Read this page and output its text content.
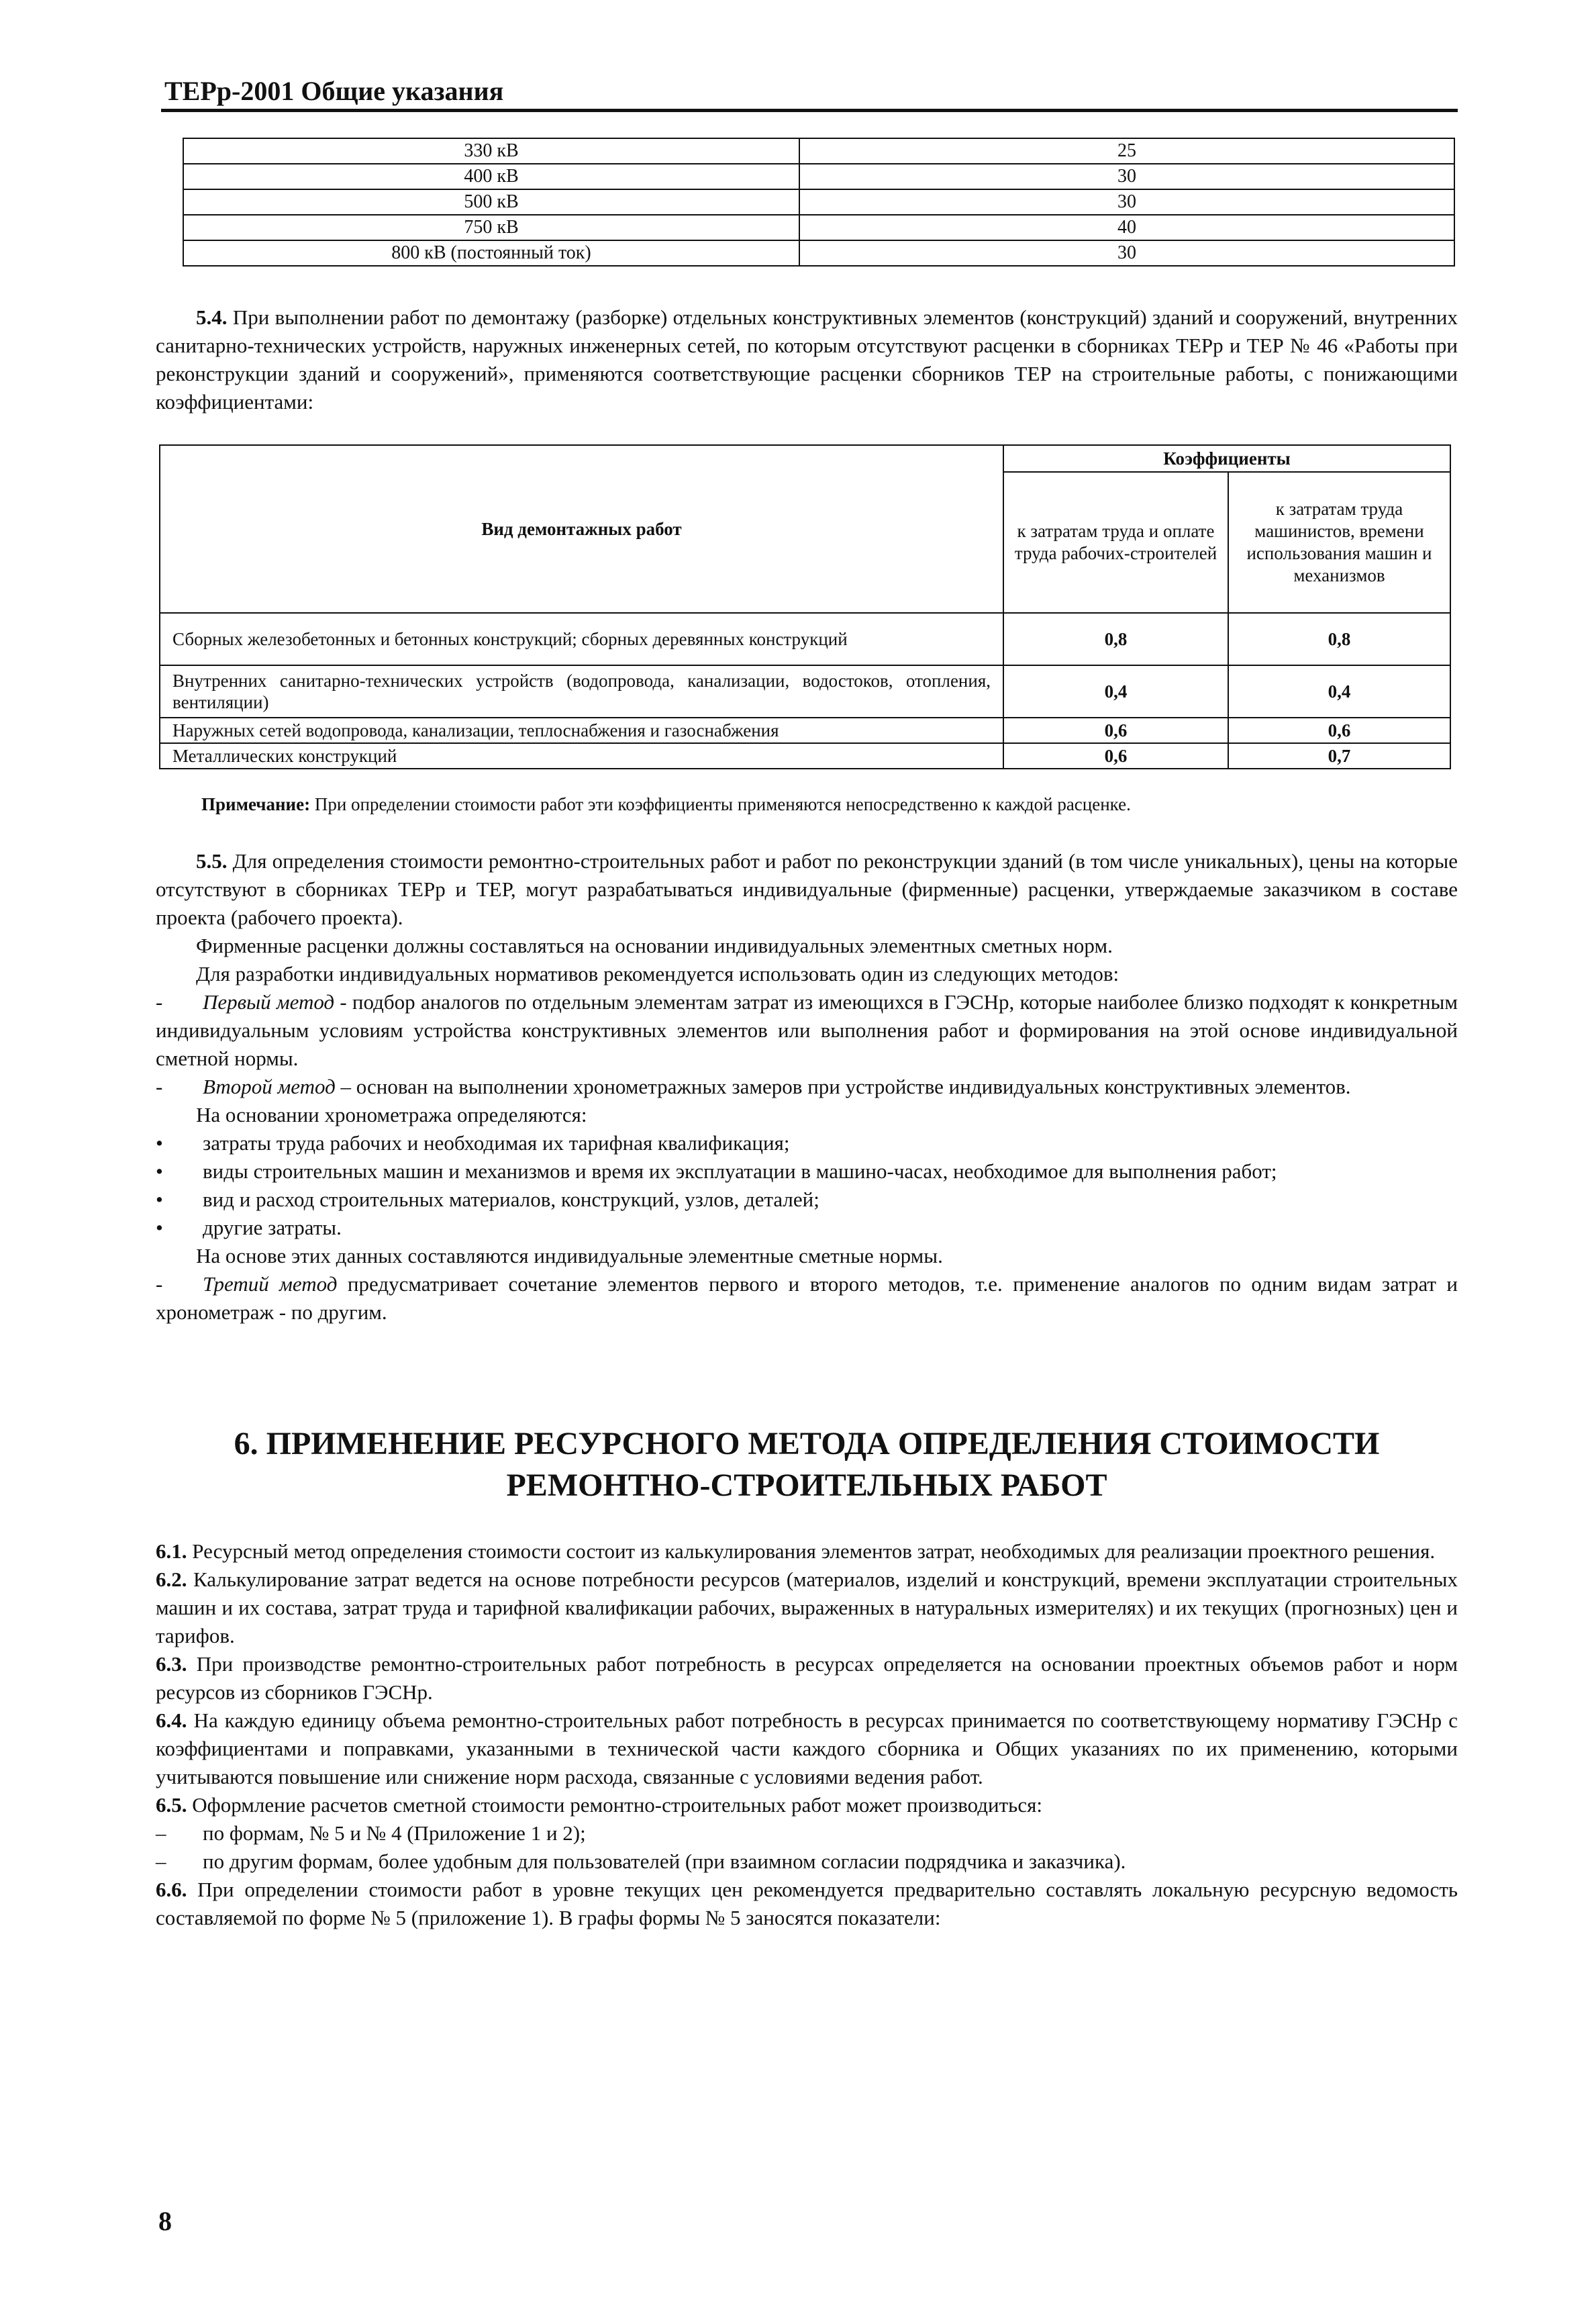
ТЕРр-2001 Общие указания
330 кВ	25
400 кВ	30
500 кВ	30
750 кВ	40
800 кВ (постоянный ток)	30
5.4. При выполнении работ по демонтажу (разборке) отдельных конструктивных элементов (конструкций) зданий и сооружений, внутренних санитарно-технических устройств, наружных инженерных сетей, по которым отсутствуют расценки в сборниках ТЕРр и ТЕР № 46 «Работы при реконструкции зданий и сооружений», применяются соответствующие расценки сборников ТЕР на строительные работы, с понижающими коэффициентами:
Вид демонтажных работ	Коэффициенты	
	к затратам труда и оплате труда рабочих-строителей	к затратам труда машинистов, времени использования машин и механизмов
Сборных железобетонных и бетонных конструкций; сборных деревянных конструкций	0,8	0,8
Внутренних санитарно-технических устройств (водопровода, канализации, водостоков, отопления, вентиляции)	0,4	0,4
Наружных сетей водопровода, канализации, теплоснабжения и газоснабжения	0,6	0,6
Металлических конструкций	0,6	0,7
Примечание: При определении стоимости работ эти коэффициенты применяются непосредственно к каждой расценке.
5.5. Для определения стоимости ремонтно-строительных работ и работ по реконструкции зданий (в том числе уникальных), цены на которые отсутствуют в сборниках ТЕРр и ТЕР, могут разрабатываться индивидуальные (фирменные) расценки, утверждаемые заказчиком в составе проекта (рабочего проекта).
Фирменные расценки должны составляться на основании индивидуальных элементных сметных норм.
Для разработки индивидуальных нормативов рекомендуется использовать один из следующих методов:
- Первый метод - подбор аналогов по отдельным элементам затрат из имеющихся в ГЭСНр, которые наиболее близко подходят к конкретным индивидуальным условиям устройства конструктивных элементов или выполнения работ и формирования на этой основе индивидуальной сметной нормы.
- Второй метод – основан на выполнении хронометражных замеров при устройстве индивидуальных конструктивных элементов.
На основании хронометража определяются:
• затраты труда рабочих и необходимая их тарифная квалификация;
• виды строительных машин и механизмов и время их эксплуатации в машино-часах, необходимое для выполнения работ;
• вид и расход строительных материалов, конструкций, узлов, деталей;
• другие затраты.
На основе этих данных составляются индивидуальные элементные сметные нормы.
- Третий метод предусматривает сочетание элементов первого и второго методов, т.е. применение аналогов по одним видам затрат и хронометраж - по другим.
6. ПРИМЕНЕНИЕ РЕСУРСНОГО МЕТОДА ОПРЕДЕЛЕНИЯ СТОИМОСТИ
РЕМОНТНО-СТРОИТЕЛЬНЫХ РАБОТ
6.1. Ресурсный метод определения стоимости состоит из калькулирования элементов затрат, необходимых для реализации проектного решения.
6.2. Калькулирование затрат ведется на основе потребности ресурсов (материалов, изделий и конструкций, времени эксплуатации строительных машин и их состава, затрат труда и тарифной квалификации рабочих, выраженных в натуральных измерителях) и их текущих (прогнозных) цен и тарифов.
6.3. При производстве ремонтно-строительных работ потребность в ресурсах определяется на основании проектных объемов работ и норм ресурсов из сборников ГЭСНр.
6.4. На каждую единицу объема ремонтно-строительных работ потребность в ресурсах принимается по соответствующему нормативу ГЭСНр с коэффициентами и поправками, указанными в технической части каждого сборника и Общих указаниях по их применению, которыми учитываются повышение или снижение норм расхода, связанные с условиями ведения работ.
6.5. Оформление расчетов сметной стоимости ремонтно-строительных работ может производиться:
– по формам, № 5 и № 4 (Приложение 1 и 2);
– по другим формам, более удобным для пользователей (при взаимном согласии подрядчика и заказчика).
6.6. При определении стоимости работ в уровне текущих цен рекомендуется предварительно составлять локальную ресурсную ведомость составляемой по форме № 5 (приложение 1). В графы формы № 5 заносятся показатели:
8
